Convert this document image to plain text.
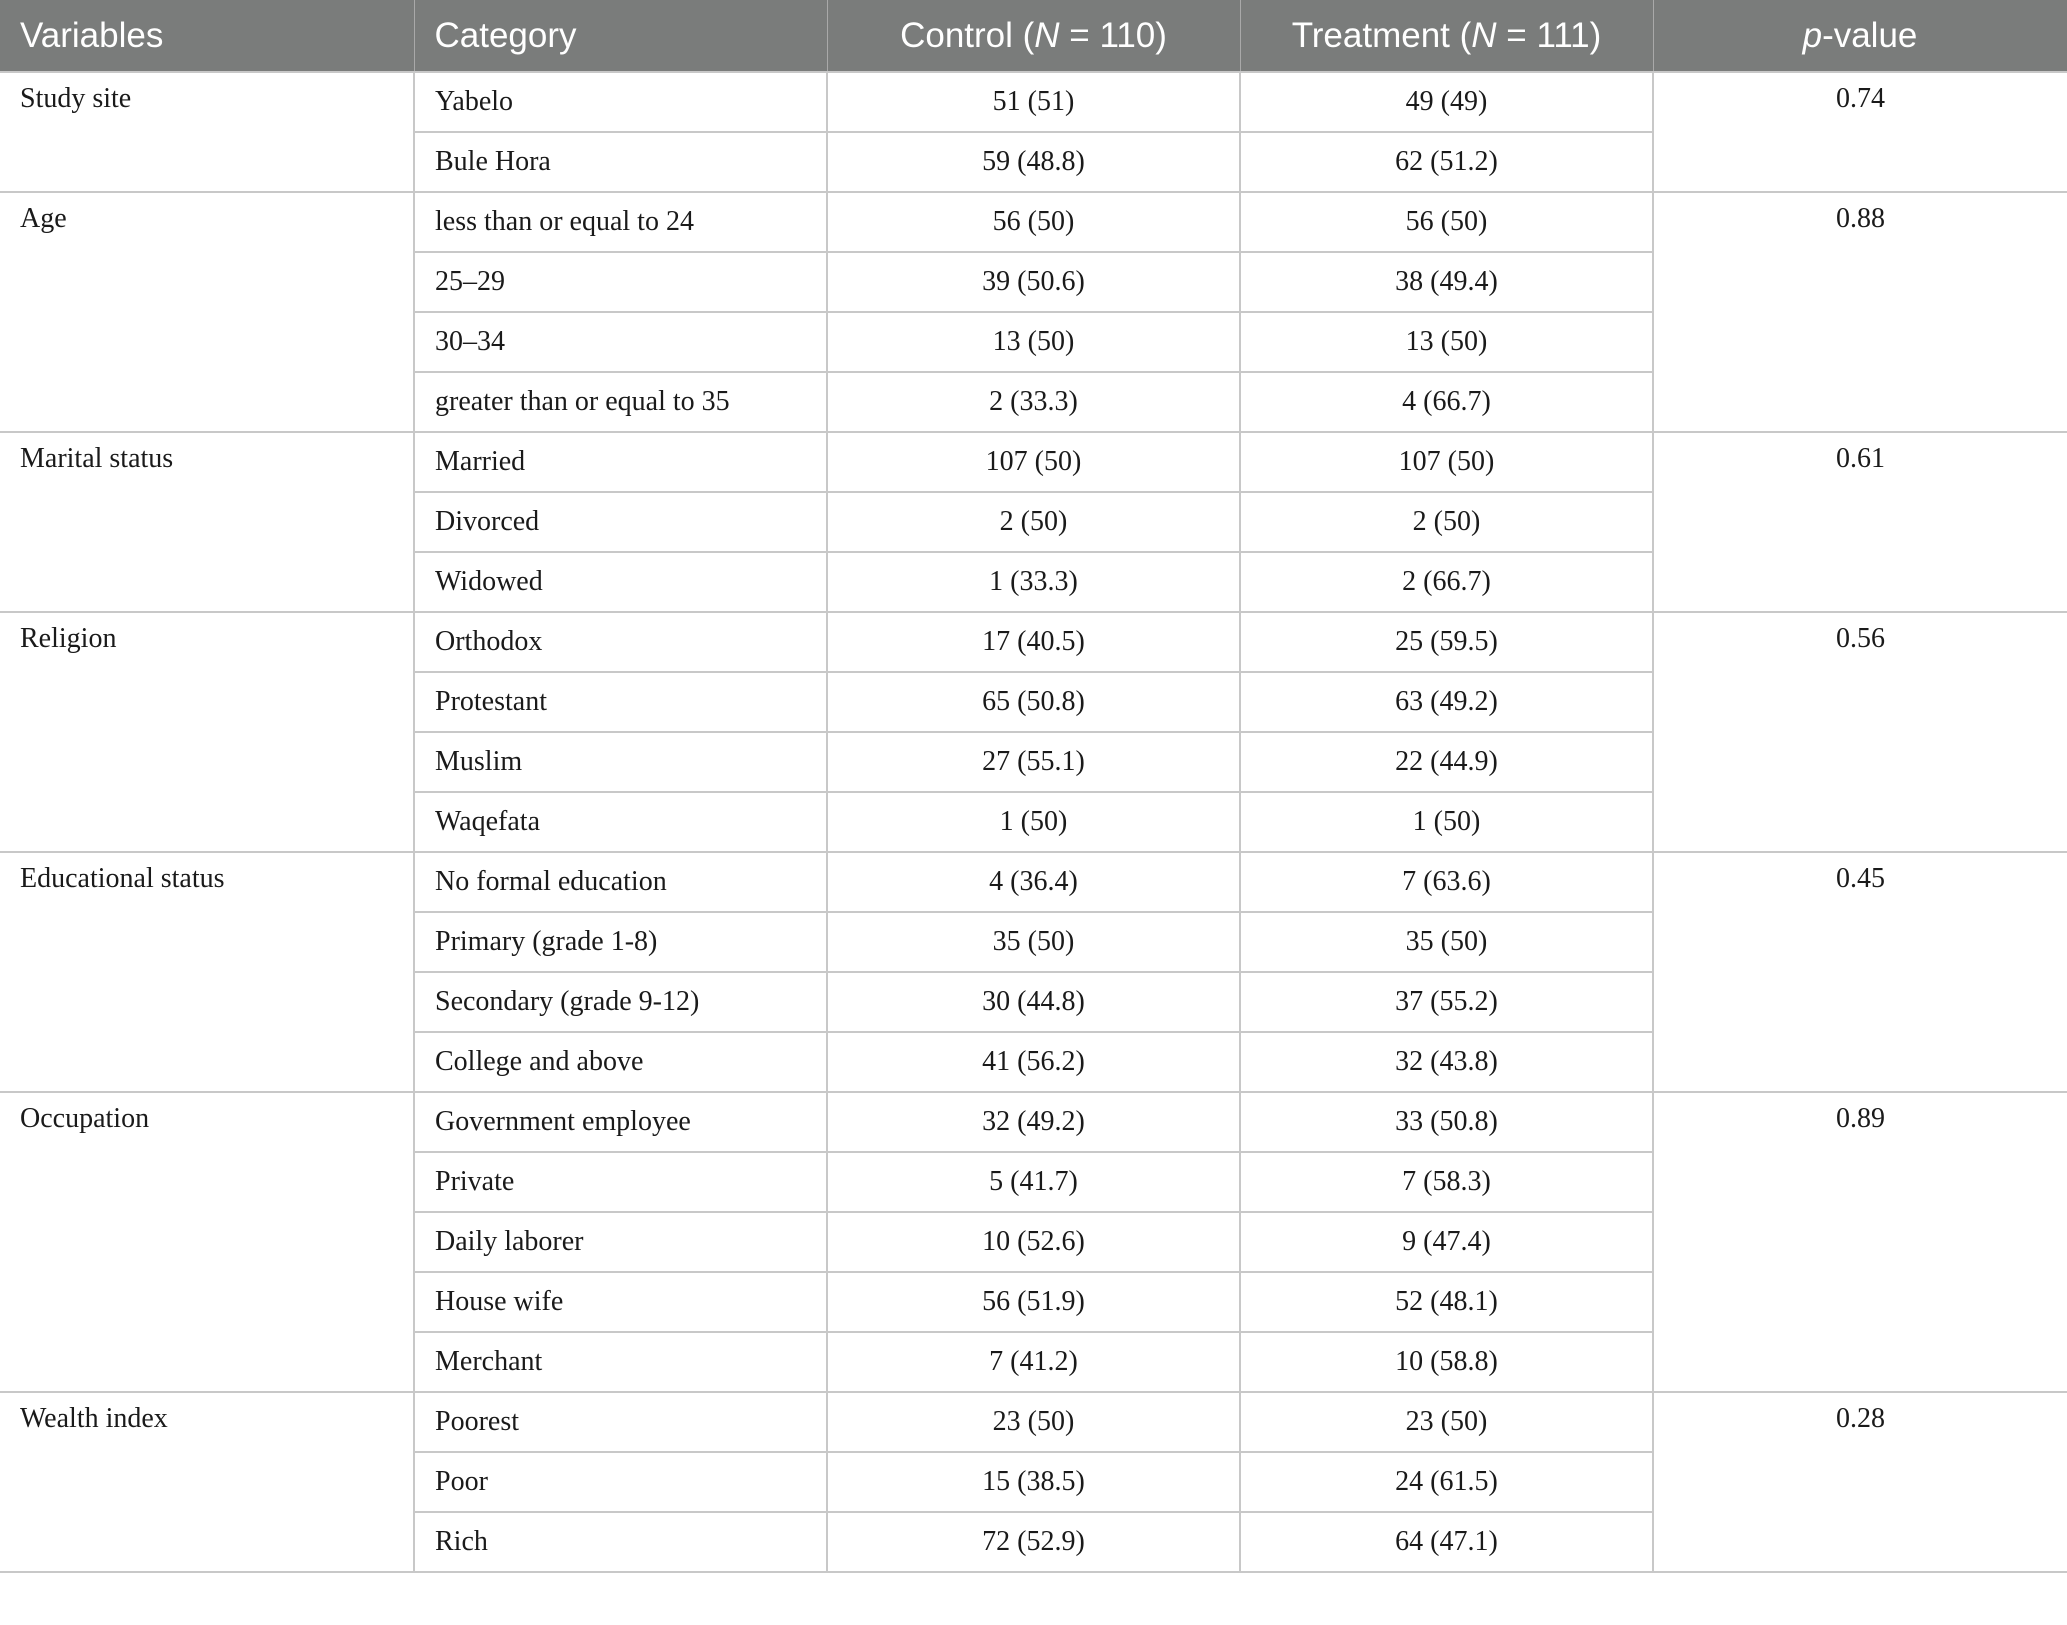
Variables	Category	Control (N = 110)	Treatment (N = 111)	p-value
Study site	Yabelo	51 (51)	49 (49)	0.74
	Bule Hora	59 (48.8)	62 (51.2)	
Age	less than or equal to 24	56 (50)	56 (50)	0.88
	25–29	39 (50.6)	38 (49.4)	
	30–34	13 (50)	13 (50)	
	greater than or equal to 35	2 (33.3)	4 (66.7)	
Marital status	Married	107 (50)	107 (50)	0.61
	Divorced	2 (50)	2 (50)	
	Widowed	1 (33.3)	2 (66.7)	
Religion	Orthodox	17 (40.5)	25 (59.5)	0.56
	Protestant	65 (50.8)	63 (49.2)	
	Muslim	27 (55.1)	22 (44.9)	
	Waqefata	1 (50)	1 (50)	
Educational status	No formal education	4 (36.4)	7 (63.6)	0.45
	Primary (grade 1-8)	35 (50)	35 (50)	
	Secondary (grade 9-12)	30 (44.8)	37 (55.2)	
	College and above	41 (56.2)	32 (43.8)	
Occupation	Government employee	32 (49.2)	33 (50.8)	0.89
	Private	5 (41.7)	7 (58.3)	
	Daily laborer	10 (52.6)	9 (47.4)	
	House wife	56 (51.9)	52 (48.1)	
	Merchant	7 (41.2)	10 (58.8)	
Wealth index	Poorest	23 (50)	23 (50)	0.28
	Poor	15 (38.5)	24 (61.5)	
	Rich	72 (52.9)	64 (47.1)	
